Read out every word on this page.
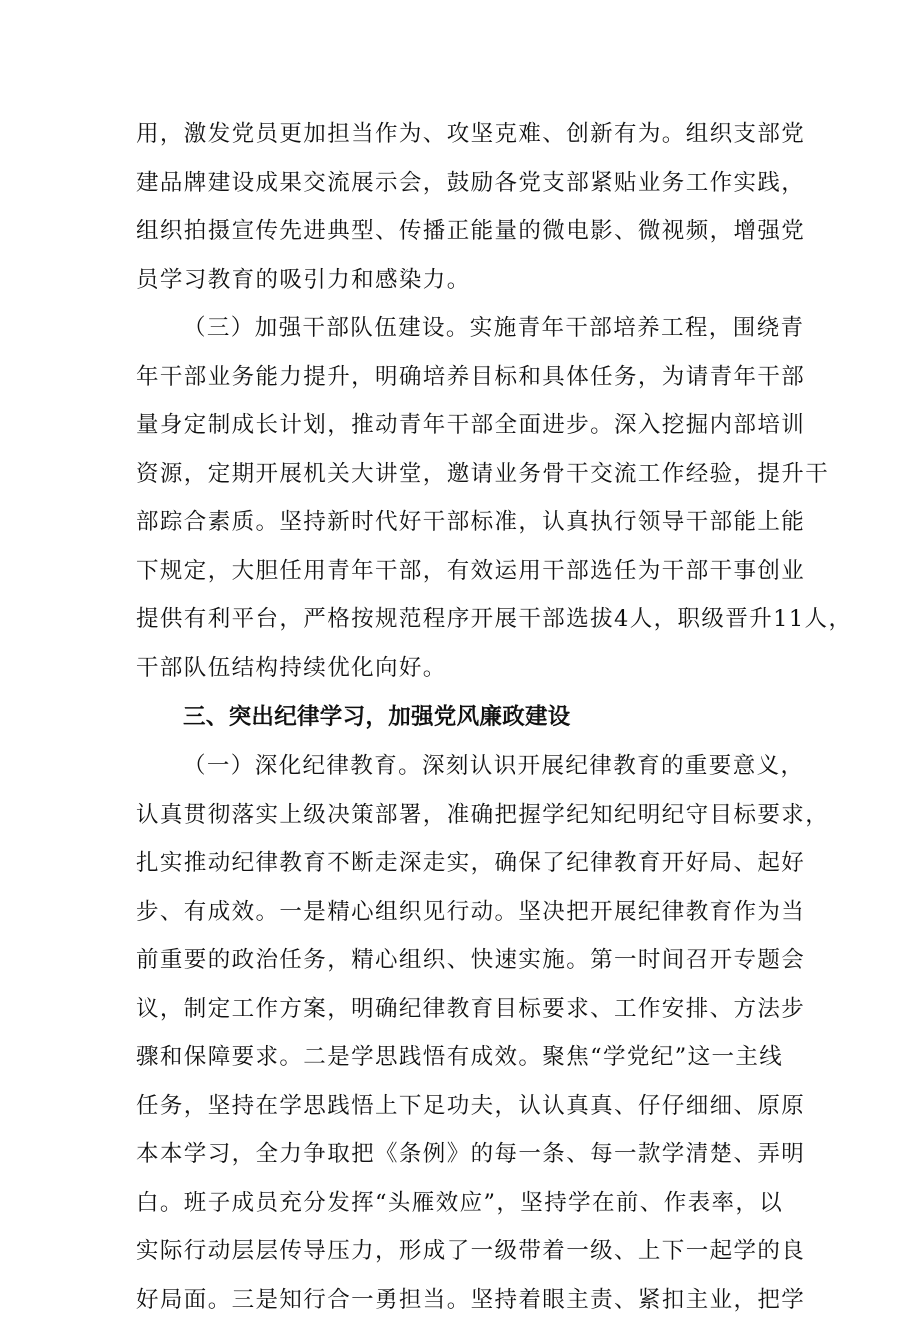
用，激发党员更加担当作为、攻坚克难、创新有为。组织支部党
建品牌建设成果交流展示会，鼓励各党支部紧贴业务工作实践，
组织拍摄宣传先进典型、传播正能量的微电影、微视频，增强党
员学习教育的吸引力和感染力。
（三）加强干部队伍建设。实施青年干部培养工程，围绕青
年干部业务能力提升，明确培养目标和具体任务，为请青年干部
量身定制成长计划，推动青年干部全面进步。深入挖掘内部培训
资源，定期开展机关大讲堂，邀请业务骨干交流工作经验，提升干
部踪合素质。坚持新时代好干部标准，认真执行领导干部能上能
下规定，大胆任用青年干部，有效运用干部选任为干部干事创业
提供有利平台，严格按规范程序开展干部选拔4人，职级晋升11人，
干部队伍结构持续优化向好。
三、突出纪律学习，加强党风廉政建设
（一）深化纪律教育。深刻认识开展纪律教育的重要意义，
认真贯彻落实上级决策部署，准确把握学纪知纪明纪守目标要求，
扎实推动纪律教育不断走深走实，确保了纪律教育开好局、起好
步、有成效。一是精心组织见行动。坚决把开展纪律教育作为当
前重要的政治任务，精心组织、快速实施。第一时间召开专题会
议，制定工作方案，明确纪律教育目标要求、工作安排、方法步
骤和保障要求。二是学思践悟有成效。聚焦“学党纪”这一主线
任务，坚持在学思践悟上下足功夫，认认真真、仔仔细细、原原
本本学习，全力争取把《条例》的每一条、每一款学清楚、弄明
白。班子成员充分发挥“头雁效应”，坚持学在前、作表率，以
实际行动层层传导压力，形成了一级带着一级、上下一起学的良
好局面。三是知行合一勇担当。坚持着眼主责、紧扣主业，把学
